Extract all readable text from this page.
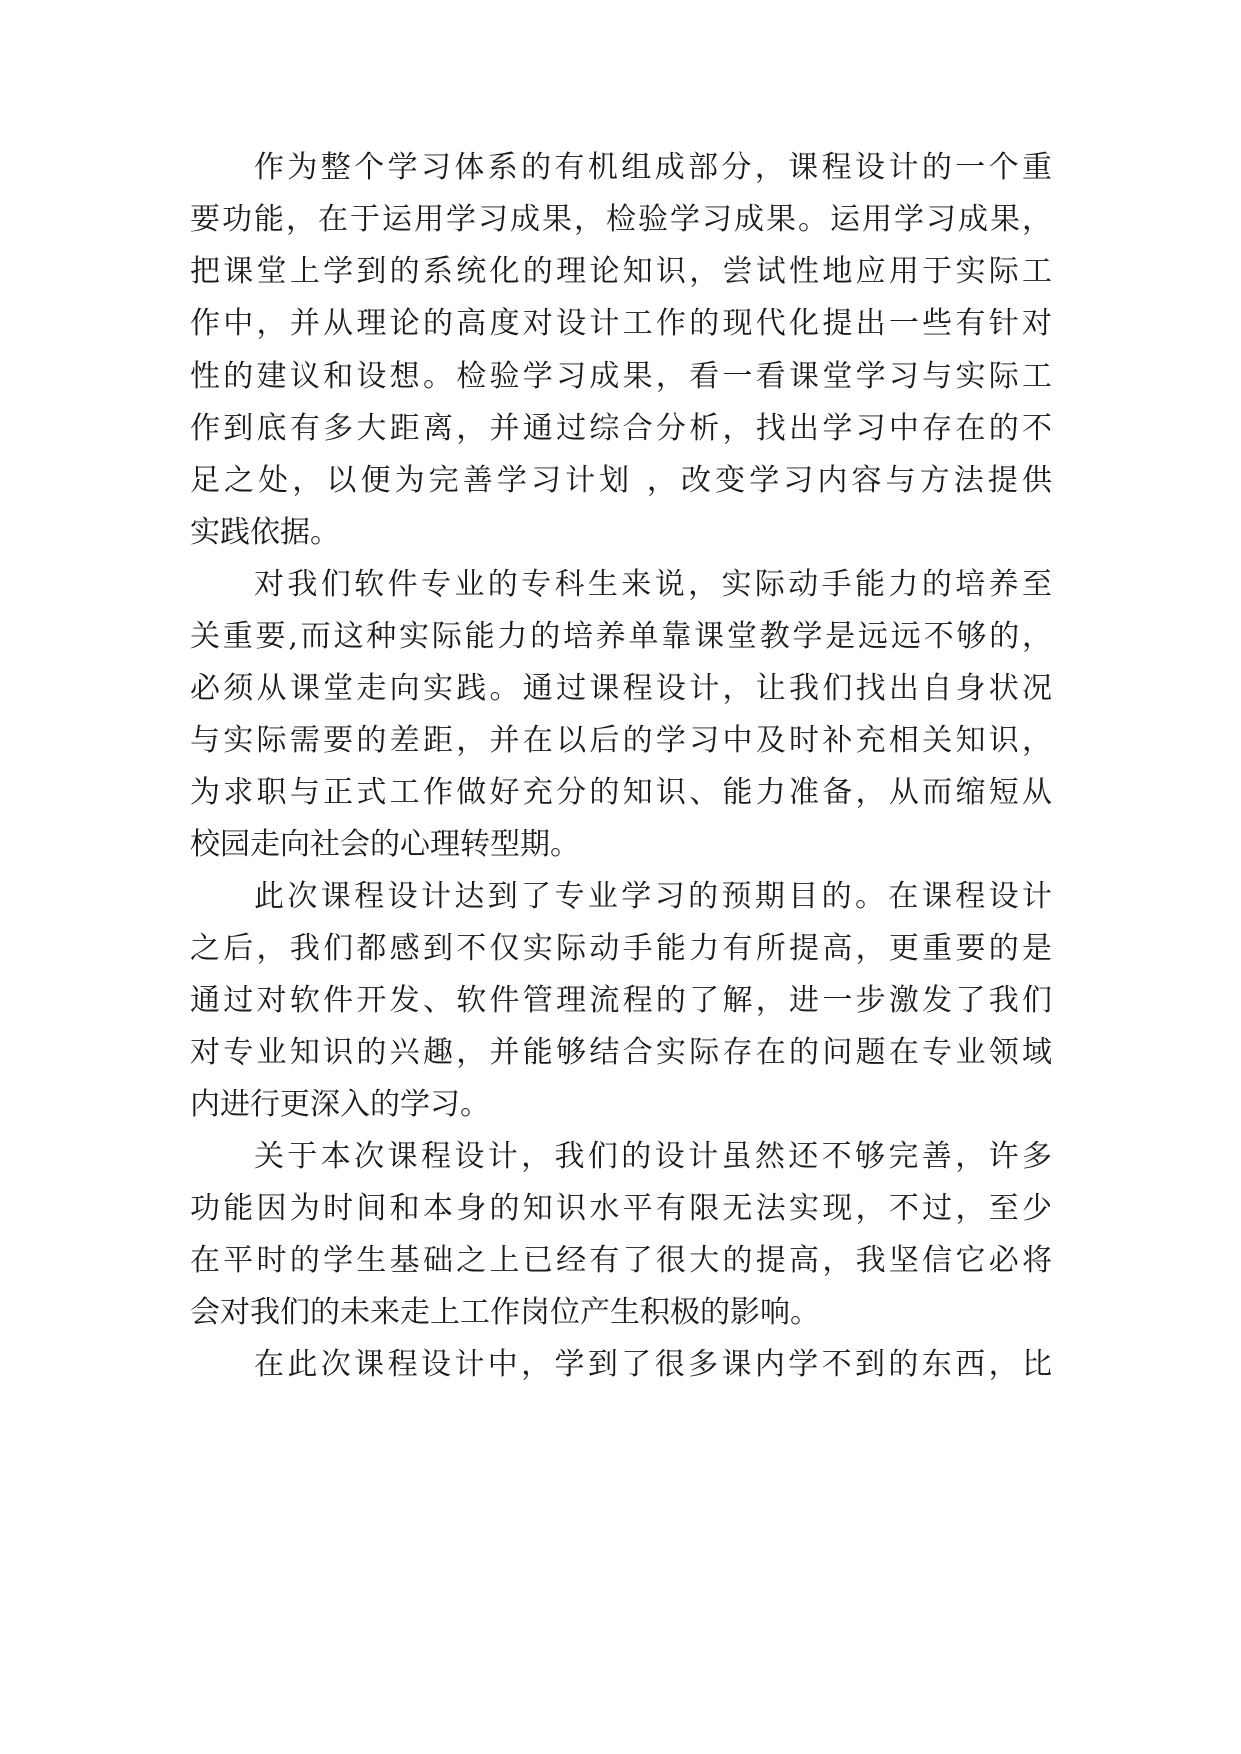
作为整个学习体系的有机组成部分，课程设计的一个重

要功能，在于运用学习成果，检验学习成果。运用学习成果，

把课堂上学到的系统化的理论知识，尝试性地应用于实际工

作中，并从理论的高度对设计工作的现代化提出一些有针对

性的建议和设想。检验学习成果，看一看课堂学习与实际工

作到底有多大距离，并通过综合分析，找出学习中存在的不

足之处，以便为完善学习计划 ，改变学习内容与方法提供

实践依据。

对我们软件专业的专科生来说，实际动手能力的培养至

关重要,而这种实际能力的培养单靠课堂教学是远远不够的，

必须从课堂走向实践。通过课程设计，让我们找出自身状况

与实际需要的差距，并在以后的学习中及时补充相关知识，

为求职与正式工作做好充分的知识、能力准备，从而缩短从

校园走向社会的心理转型期。

此次课程设计达到了专业学习的预期目的。在课程设计

之后，我们都感到不仅实际动手能力有所提高，更重要的是

通过对软件开发、软件管理流程的了解，进一步激发了我们

对专业知识的兴趣，并能够结合实际存在的问题在专业领域

内进行更深入的学习。

关于本次课程设计，我们的设计虽然还不够完善，许多

功能因为时间和本身的知识水平有限无法实现，不过，至少

在平时的学生基础之上已经有了很大的提高，我坚信它必将

会对我们的未来走上工作岗位产生积极的影响。

在此次课程设计中，学到了很多课内学不到的东西，比
